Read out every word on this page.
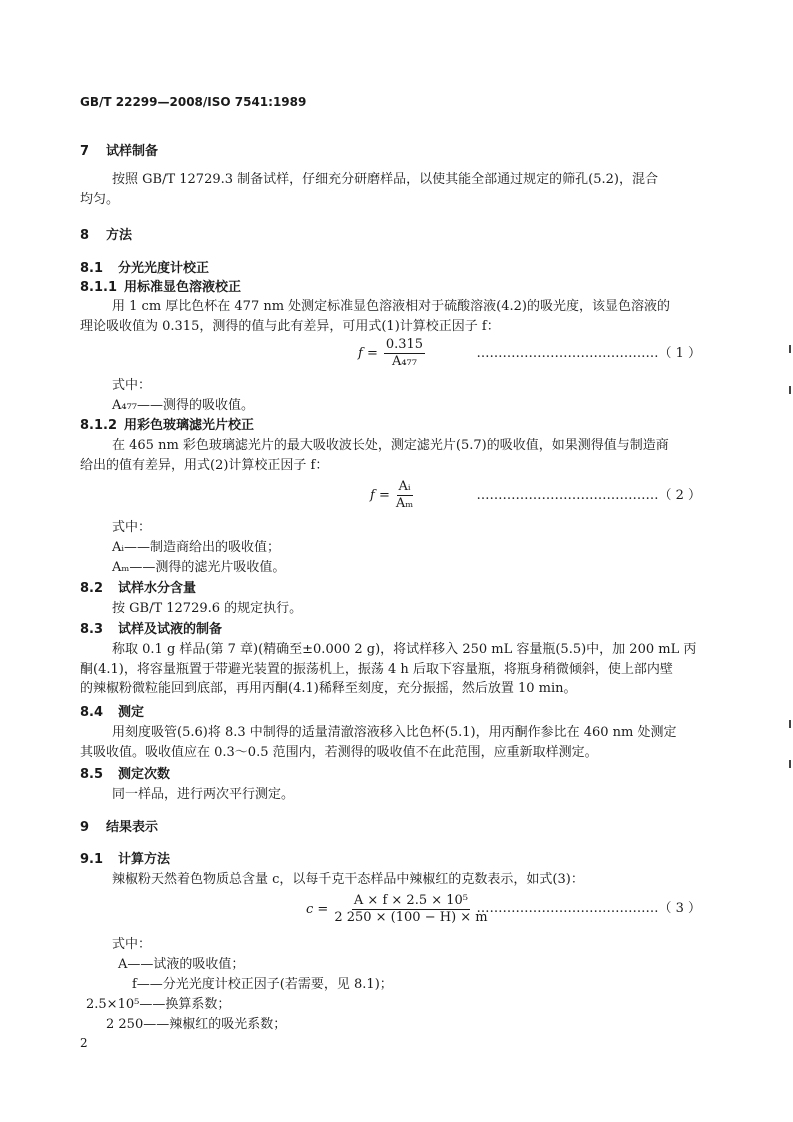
GB/T 22299—2008/ISO 7541:1989
7 试样制备
按照 GB/T 12729.3 制备试样，仔细充分研磨样品，以使其能全部通过规定的筛孔(5.2)，混合
均匀。
8 方法
8.1 分光光度计校正
8.1.1 用标准显色溶液校正
用 1 cm 厚比色杯在 477 nm 处测定标准显色溶液相对于硫酸溶液(4.2)的吸光度，该显色溶液的
理论吸收值为 0.315，测得的值与此有差异，可用式(1)计算校正因子 f：
$f = \frac{0.315}{\text{A₄₇₇}}$	……………………………………（ 1 ）
式中：
A₄₇₇——测得的吸收值。
8.1.2 用彩色玻璃滤光片校正
在 465 nm 彩色玻璃滤光片的最大吸收波长处，测定滤光片(5.7)的吸收值，如果测得值与制造商
给出的值有差异，用式(2)计算校正因子 f：
$f = \frac{\text{Aᵢ}}{\text{Aₘ}}$	……………………………………（ 2 ）
式中：
Aᵢ——制造商给出的吸收值；
Aₘ——测得的滤光片吸收值。
8.2 试样水分含量
按 GB/T 12729.6 的规定执行。
8.3 试样及试液的制备
称取 0.1 g 样品(第 7 章)(精确至±0.000 2 g)，将试样移入 250 mL 容量瓶(5.5)中，加 200 mL 丙
酮(4.1)，将容量瓶置于带避光装置的振荡机上，振荡 4 h 后取下容量瓶，将瓶身稍微倾斜，使上部内壁
的辣椒粉微粒能回到底部，再用丙酮(4.1)稀释至刻度，充分振摇，然后放置 10 min。
8.4 测定
用刻度吸管(5.6)将 8.3 中制得的适量清澈溶液移入比色杯(5.1)，用丙酮作参比在 460 nm 处测定
其吸收值。吸收值应在 0.3～0.5 范围内，若测得的吸收值不在此范围，应重新取样测定。
8.5 测定次数
同一样品，进行两次平行测定。
9 结果表示
9.1 计算方法
辣椒粉天然着色物质总含量 c，以每千克干态样品中辣椒红的克数表示，如式(3)：
$c = \frac{\text{A × f × 2.5 × 10⁵}}{2 250 \times (100 - H) \times m}$
……………………………………（ 3 ）
式中：
A——试液的吸收值；
f——分光光度计校正因子(若需要，见 8.1)；
2.5×10⁵——换算系数；
2 250——辣椒红的吸光系数；
2
